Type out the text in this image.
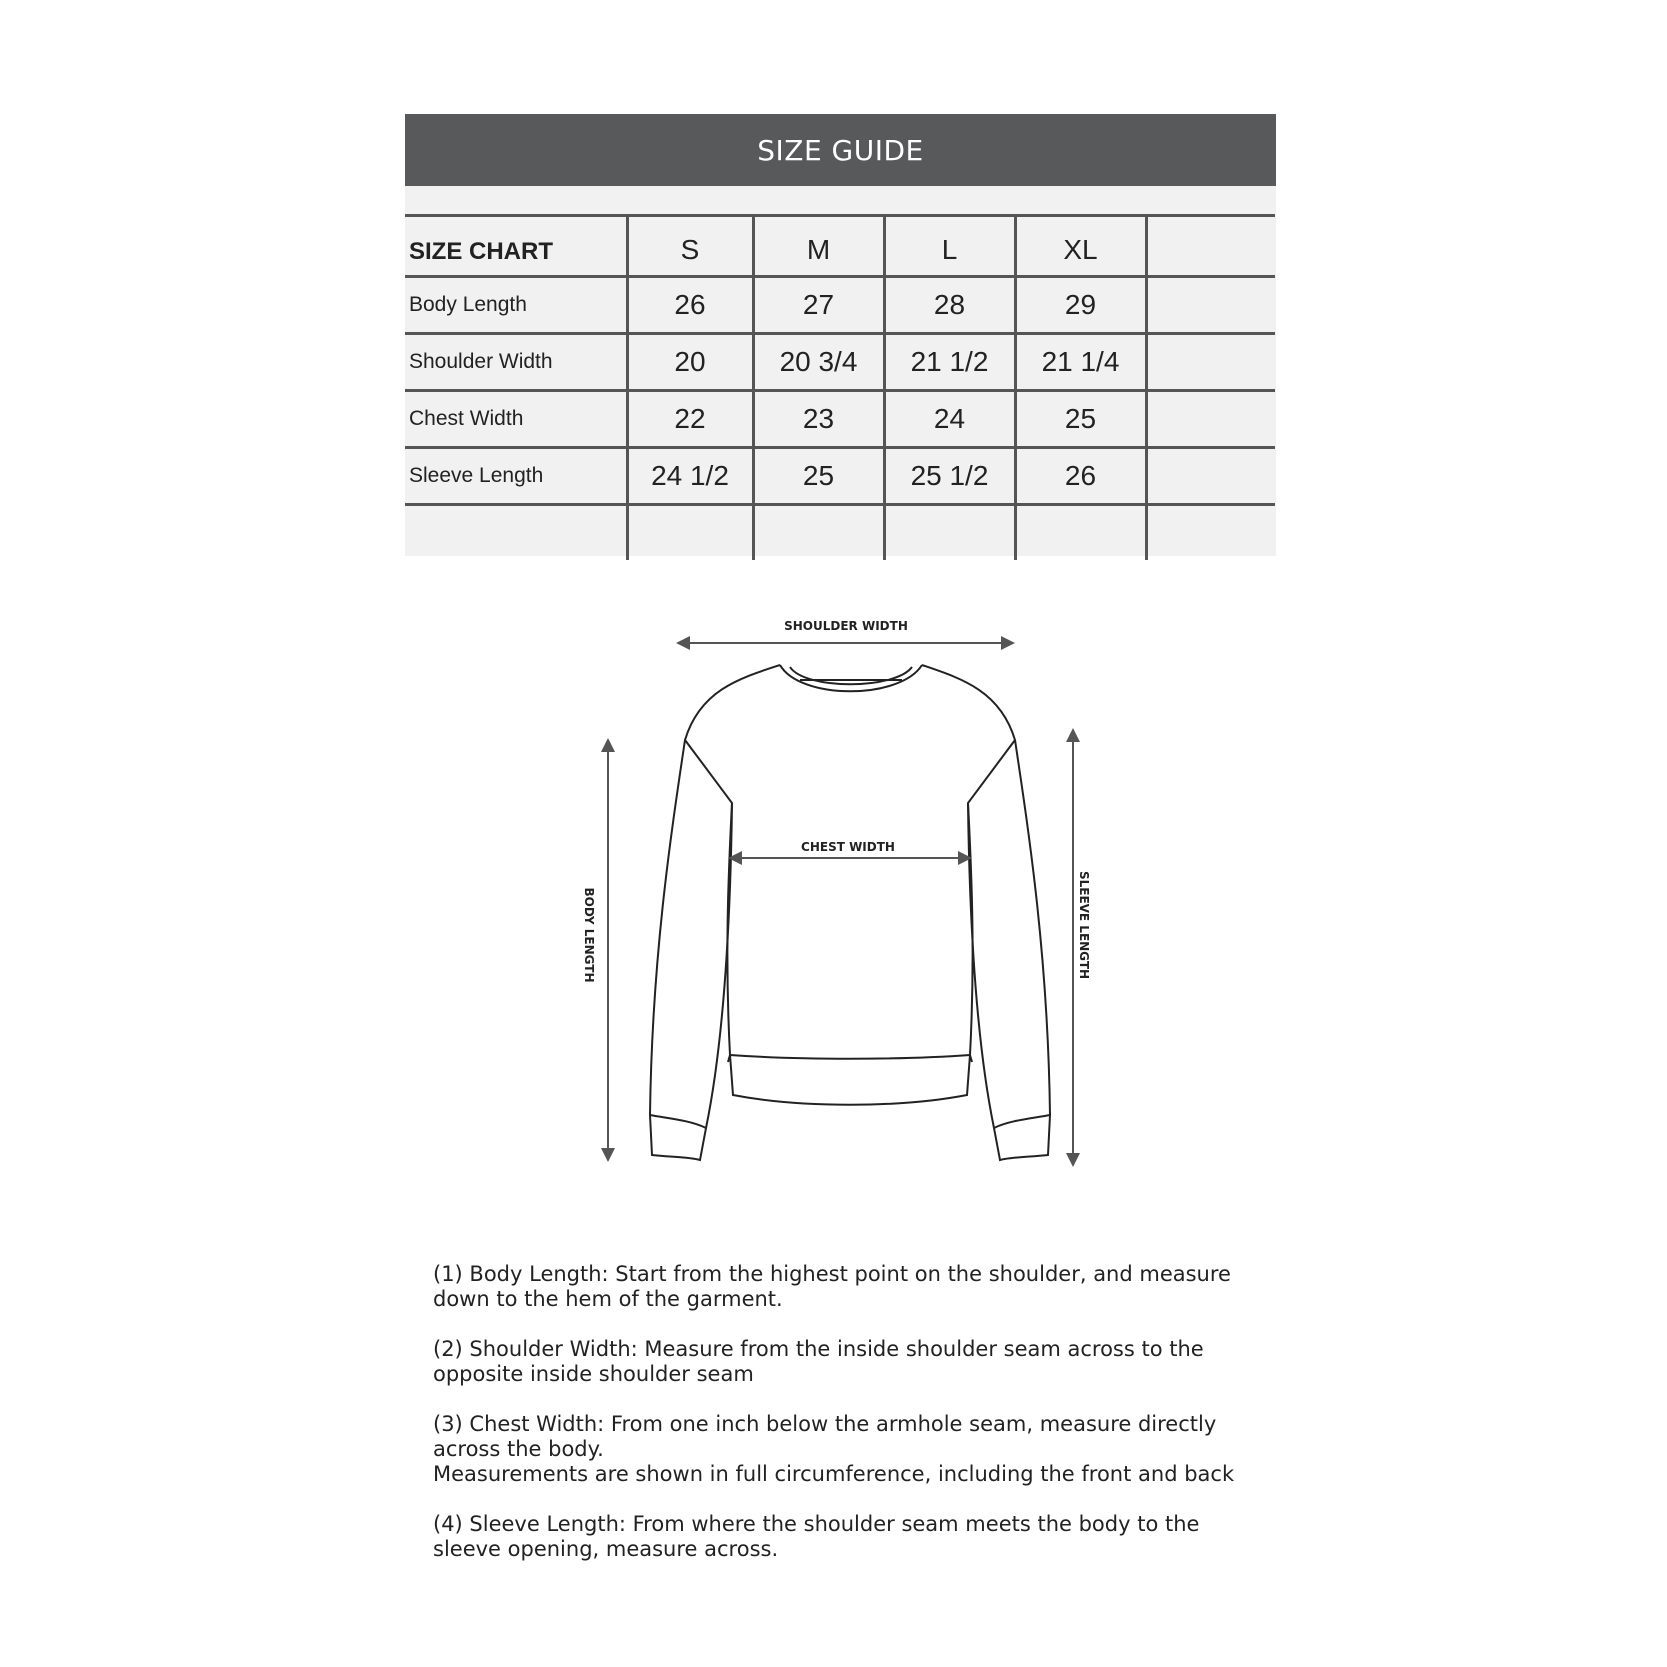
SIZE GUIDE
SIZE CHART	S	M	L	XL	
Body Length	26	27	28	29	
Shoulder Width	20	20 3/4	21 1/2	21 1/4	
Chest Width	22	23	24	25	
Sleeve Length	24 1/2	25	25 1/2	26	

SHOULDER WIDTH
CHEST WIDTH
BODY LENGTH	SLEEVE LENGTH

(1) Body Length: Start from the highest point on the shoulder, and measure
down to the hem of the garment.

(2) Shoulder Width: Measure from the inside shoulder seam across to the
opposite inside shoulder seam

(3) Chest Width: From one inch below the armhole seam, measure directly
across the body.
Measurements are shown in full circumference, including the front and back

(4) Sleeve Length: From where the shoulder seam meets the body to the
sleeve opening, measure across.
